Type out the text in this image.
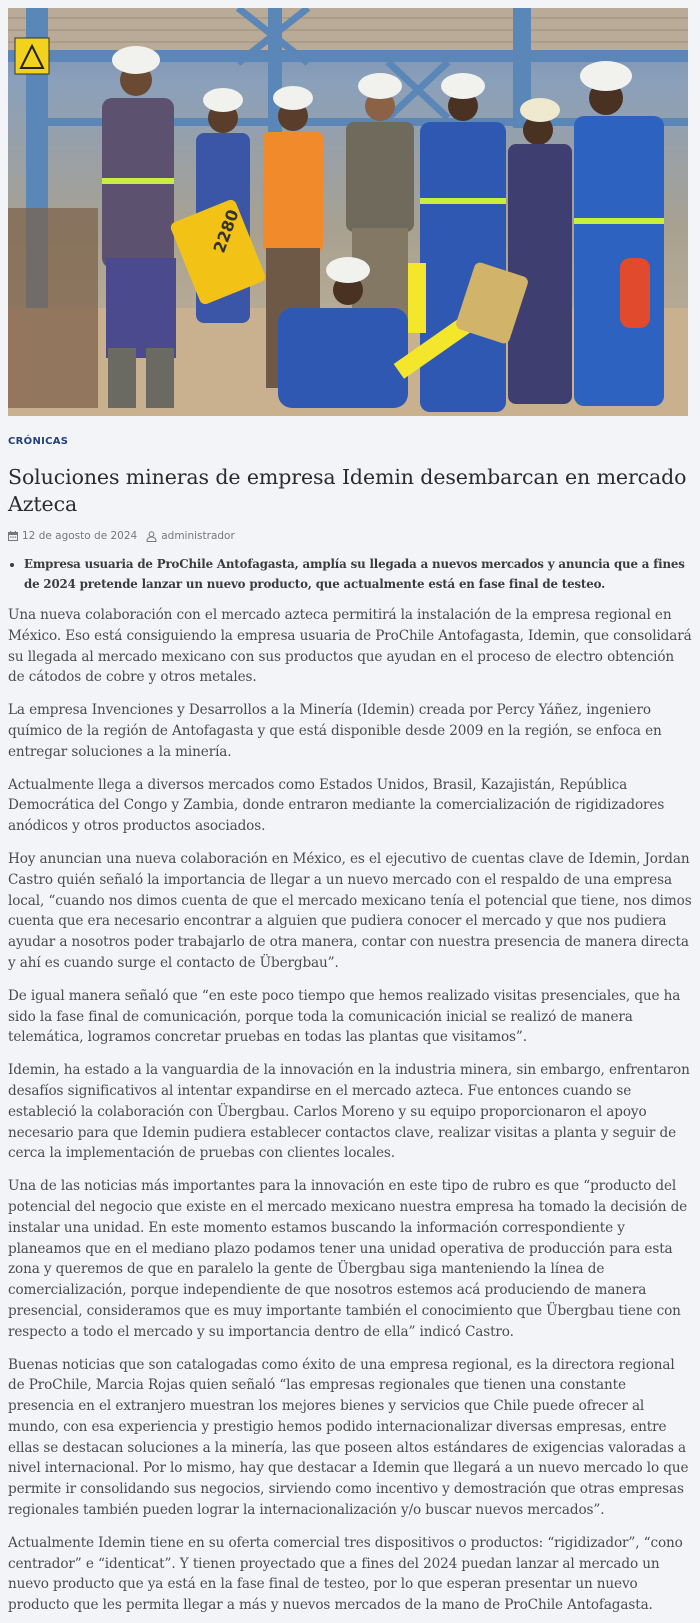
2280
CRÓNICAS
Soluciones mineras de empresa Idemin desembarcan en mercado Azteca
12 de agosto de 2024 administrador
• Empresa usuaria de ProChile Antofagasta, amplía su llegada a nuevos mercados y anuncia que a fines de 2024 pretende lanzar un nuevo producto, que actualmente está en fase final de testeo.

Una nueva colaboración con el mercado azteca permitirá la instalación de la empresa regional en México. Eso está consiguiendo la empresa usuaria de ProChile Antofagasta, Idemin, que consolidará su llegada al mercado mexicano con sus productos que ayudan en el proceso de electro obtención de cátodos de cobre y otros metales.

La empresa Invenciones y Desarrollos a la Minería (Idemin) creada por Percy Yáñez, ingeniero químico de la región de Antofagasta y que está disponible desde 2009 en la región, se enfoca en entregar soluciones a la minería.

Actualmente llega a diversos mercados como Estados Unidos, Brasil, Kazajistán, República Democrática del Congo y Zambia, donde entraron mediante la comercialización de rigidizadores anódicos y otros productos asociados.

Hoy anuncian una nueva colaboración en México, es el ejecutivo de cuentas clave de Idemin, Jordan Castro quién señaló la importancia de llegar a un nuevo mercado con el respaldo de una empresa local, “cuando nos dimos cuenta de que el mercado mexicano tenía el potencial que tiene, nos dimos cuenta que era necesario encontrar a alguien que pudiera conocer el mercado y que nos pudiera ayudar a nosotros poder trabajarlo de otra manera, contar con nuestra presencia de manera directa y ahí es cuando surge el contacto de Übergbau”.

De igual manera señaló que “en este poco tiempo que hemos realizado visitas presenciales, que ha sido la fase final de comunicación, porque toda la comunicación inicial se realizó de manera telemática, logramos concretar pruebas en todas las plantas que visitamos”.

Idemin, ha estado a la vanguardia de la innovación en la industria minera, sin embargo, enfrentaron desafíos significativos al intentar expandirse en el mercado azteca. Fue entonces cuando se estableció la colaboración con Übergbau. Carlos Moreno y su equipo proporcionaron el apoyo necesario para que Idemin pudiera establecer contactos clave, realizar visitas a planta y seguir de cerca la implementación de pruebas con clientes locales.

Una de las noticias más importantes para la innovación en este tipo de rubro es que “producto del potencial del negocio que existe en el mercado mexicano nuestra empresa ha tomado la decisión de instalar una unidad. En este momento estamos buscando la información correspondiente y planeamos que en el mediano plazo podamos tener una unidad operativa de producción para esta zona y queremos de que en paralelo la gente de Übergbau siga manteniendo la línea de comercialización, porque independiente de que nosotros estemos acá produciendo de manera presencial, consideramos que es muy importante también el conocimiento que Übergbau tiene con respecto a todo el mercado y su importancia dentro de ella” indicó Castro.

Buenas noticias que son catalogadas como éxito de una empresa regional, es la directora regional de ProChile, Marcia Rojas quien señaló “las empresas regionales que tienen una constante presencia en el extranjero muestran los mejores bienes y servicios que Chile puede ofrecer al mundo, con esa experiencia y prestigio hemos podido internacionalizar diversas empresas, entre ellas se destacan soluciones a la minería, las que poseen altos estándares de exigencias valoradas a nivel internacional. Por lo mismo, hay que destacar a Idemin que llegará a un nuevo mercado lo que permite ir consolidando sus negocios, sirviendo como incentivo y demostración que otras empresas regionales también pueden lograr la internacionalización y/o buscar nuevos mercados”.

Actualmente Idemin tiene en su oferta comercial tres dispositivos o productos: “rigidizador”, “cono centrador” e “identicat”. Y tienen proyectado que a fines del 2024 puedan lanzar al mercado un nuevo producto que ya está en la fase final de testeo, por lo que esperan presentar un nuevo producto que les permita llegar a más y nuevos mercados de la mano de ProChile Antofagasta.
